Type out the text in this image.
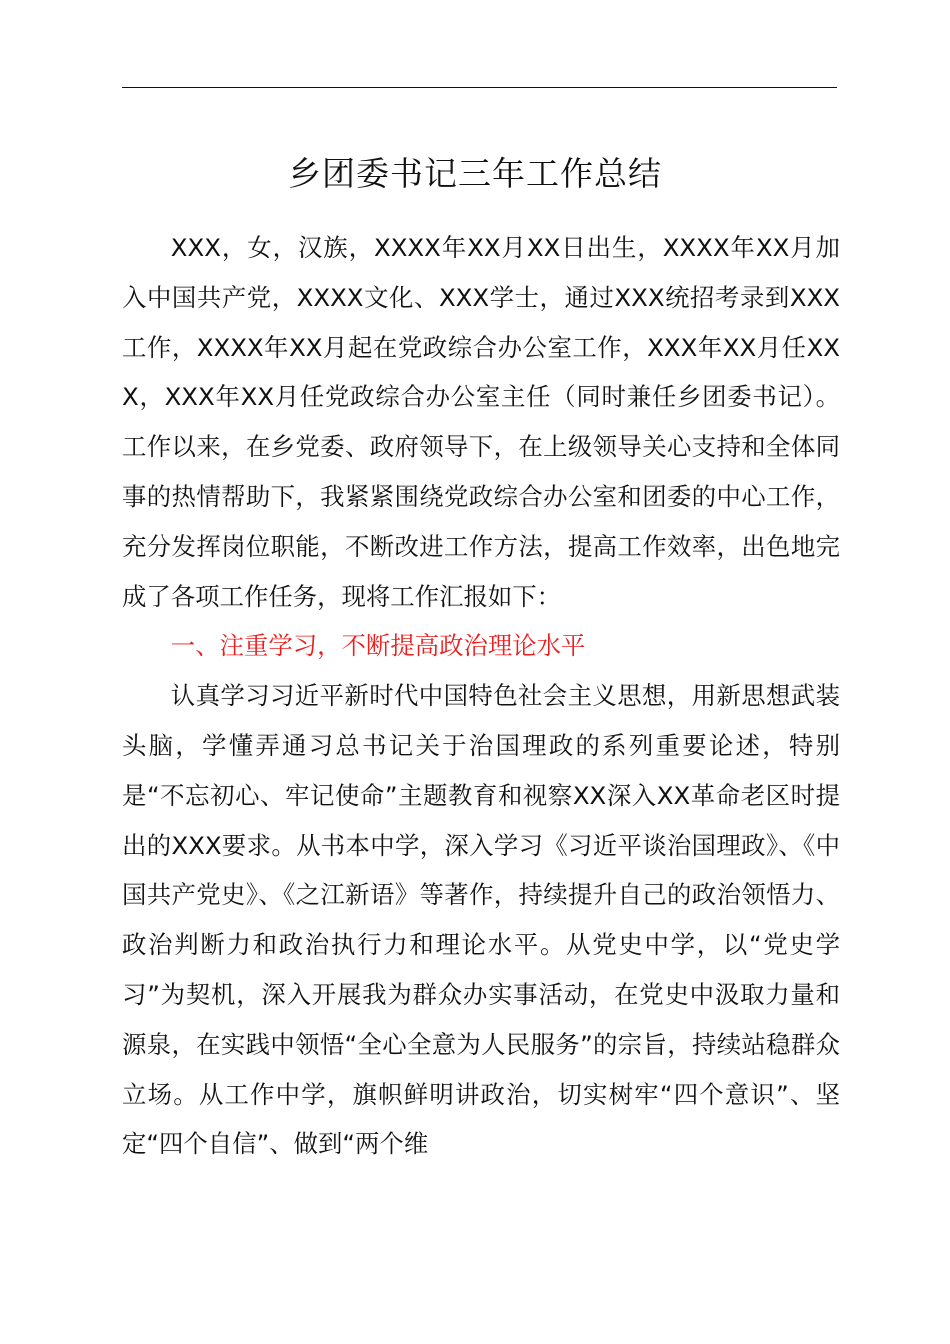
乡团委书记三年工作总结

XXX，女，汉族，XXXX年XX月XX日出生，XXXX年XX月加入中国共产党，XXXX文化、XXX学士，通过XXX统招考录到XXX工作，XXXX年XX月起在党政综合办公室工作，XXX年XX月任XXX，XXX年XX月任党政综合办公室主任（同时兼任乡团委书记）。工作以来，在乡党委、政府领导下，在上级领导关心支持和全体同事的热情帮助下，我紧紧围绕党政综合办公室和团委的中心工作，充分发挥岗位职能，不断改进工作方法，提高工作效率，出色地完成了各项工作任务，现将工作汇报如下：

一、注重学习，不断提高政治理论水平

认真学习习近平新时代中国特色社会主义思想，用新思想武装头脑，学懂弄通习总书记关于治国理政的系列重要论述，特别是“不忘初心、牢记使命”主题教育和视察XX深入XX革命老区时提出的XXX要求。从书本中学，深入学习《习近平谈治国理政》、《中国共产党史》、《之江新语》等著作，持续提升自己的政治领悟力、政治判断力和政治执行力和理论水平。从党史中学，以“党史学习”为契机，深入开展我为群众办实事活动，在党史中汲取力量和源泉，在实践中领悟“全心全意为人民服务”的宗旨，持续站稳群众立场。从工作中学，旗帜鲜明讲政治，切实树牢“四个意识”、坚定“四个自信”、做到“两个维
